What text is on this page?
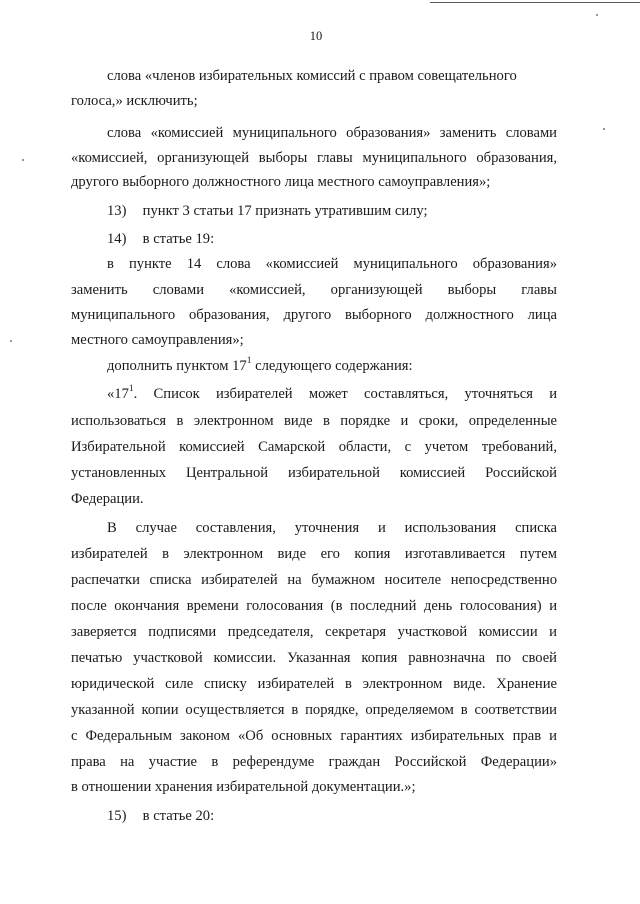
10
слова «членов избирательных комиссий с правом совещательного
голоса,» исключить;
слова «комиссией муниципального образования» заменить словами
«комиссией, организующей выборы главы муниципального образования,
другого выборного должностного лица местного самоуправления»;
13) пункт 3 статьи 17 признать утратившим силу;
14) в статье 19:
в пункте 14 слова «комиссией муниципального образования»
заменить словами «комиссией, организующей выборы главы
муниципального образования, другого выборного должностного лица
местного самоуправления»;
дополнить пунктом $17^1$ следующего содержания:
«$17^1$. Список избирателей может составляться, уточняться и
использоваться в электронном виде в порядке и сроки, определенные
Избирательной комиссией Самарской области, с учетом требований,
установленных Центральной избирательной комиссией Российской
Федерации.
В случае составления, уточнения и использования списка
избирателей в электронном виде его копия изготавливается путем
распечатки списка избирателей на бумажном носителе непосредственно
после окончания времени голосования (в последний день голосования) и
заверяется подписями председателя, секретаря участковой комиссии и
печатью участковой комиссии. Указанная копия равнозначна по своей
юридической силе списку избирателей в электронном виде. Хранение
указанной копии осуществляется в порядке, определяемом в соответствии
с Федеральным законом «Об основных гарантиях избирательных прав и
права на участие в референдуме граждан Российской Федерации»
в отношении хранения избирательной документации.»;
15) в статье 20:
